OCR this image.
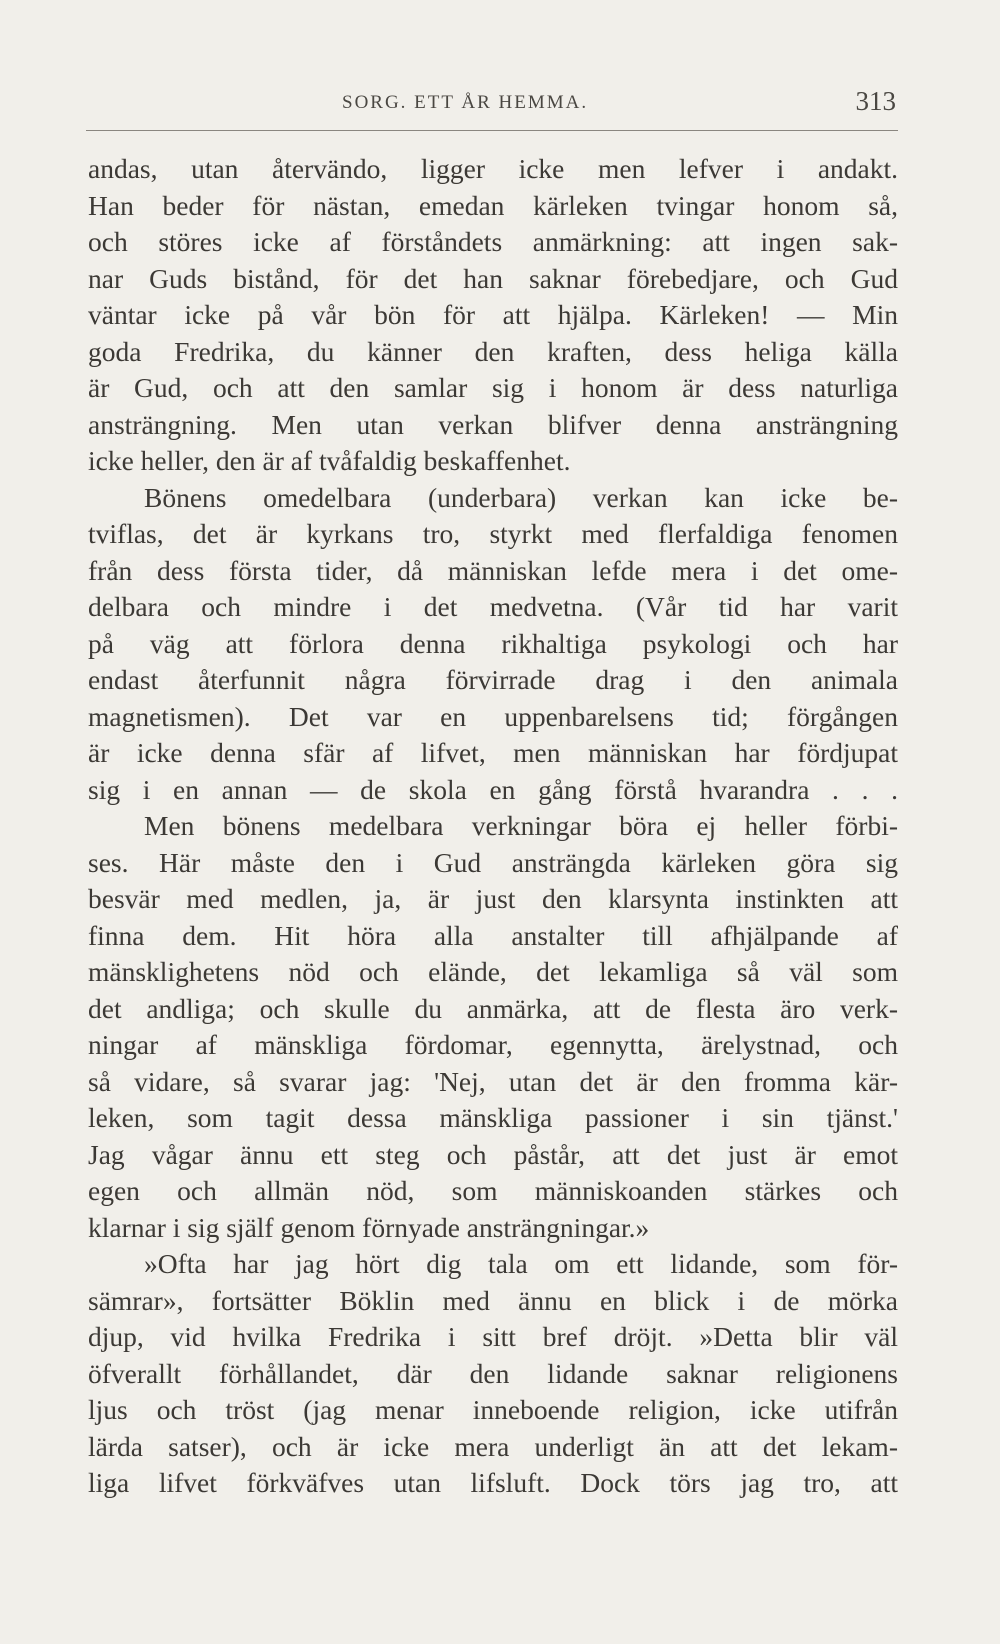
SORG. ETT ÅR HEMMA.	313
andas, utan återvändo, ligger icke men lefver i andakt.
Han beder för nästan, emedan kärleken tvingar honom så,
och störes icke af förståndets anmärkning: att ingen sak-
nar Guds bistånd, för det han saknar förebedjare, och Gud
väntar icke på vår bön för att hjälpa. Kärleken! — Min
goda Fredrika, du känner den kraften, dess heliga källa
är Gud, och att den samlar sig i honom är dess naturliga
ansträngning. Men utan verkan blifver denna ansträngning
icke heller, den är af tvåfaldig beskaffenhet.
Bönens omedelbara (underbara) verkan kan icke be-
tviflas, det är kyrkans tro, styrkt med flerfaldiga fenomen
från dess första tider, då människan lefde mera i det ome-
delbara och mindre i det medvetna. (Vår tid har varit
på väg att förlora denna rikhaltiga psykologi och har
endast återfunnit några förvirrade drag i den animala
magnetismen). Det var en uppenbarelsens tid; förgången
är icke denna sfär af lifvet, men människan har fördjupat
sig i en annan — de skola en gång förstå hvarandra . . .
Men bönens medelbara verkningar böra ej heller förbi-
ses. Här måste den i Gud ansträngda kärleken göra sig
besvär med medlen, ja, är just den klarsynta instinkten att
finna dem. Hit höra alla anstalter till afhjälpande af
mänsklighetens nöd och elände, det lekamliga så väl som
det andliga; och skulle du anmärka, att de flesta äro verk-
ningar af mänskliga fördomar, egennytta, ärelystnad, och
så vidare, så svarar jag: 'Nej, utan det är den fromma kär-
leken, som tagit dessa mänskliga passioner i sin tjänst.'
Jag vågar ännu ett steg och påstår, att det just är emot
egen och allmän nöd, som människoanden stärkes och
klarnar i sig själf genom förnyade ansträngningar.»
»Ofta har jag hört dig tala om ett lidande, som för-
sämrar», fortsätter Böklin med ännu en blick i de mörka
djup, vid hvilka Fredrika i sitt bref dröjt. »Detta blir väl
öfverallt förhållandet, där den lidande saknar religionens
ljus och tröst (jag menar inneboende religion, icke utifrån
lärda satser), och är icke mera underligt än att det lekam-
liga lifvet förkväfves utan lifsluft. Dock törs jag tro, att
